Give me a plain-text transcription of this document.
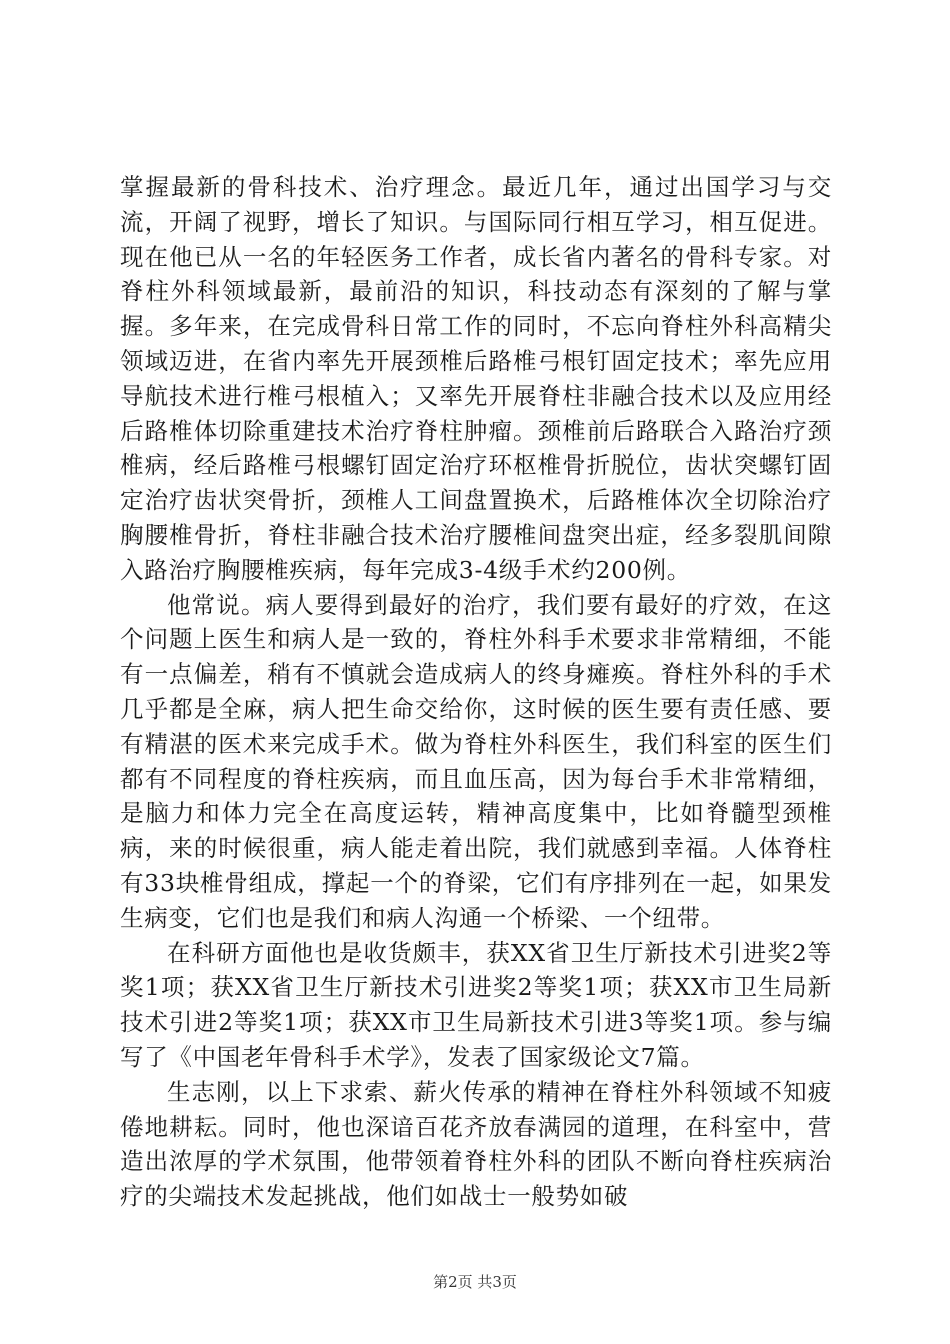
掌握最新的骨科技术、治疗理念。最近几年，通过出国学习与交流，开阔了视野，增长了知识。与国际同行相互学习，相互促进。现在他已从一名的年轻医务工作者，成长省内著名的骨科专家。对脊柱外科领域最新，最前沿的知识，科技动态有深刻的了解与掌握。多年来，在完成骨科日常工作的同时，不忘向脊柱外科高精尖领域迈进，在省内率先开展颈椎后路椎弓根钉固定技术；率先应用导航技术进行椎弓根植入；又率先开展脊柱非融合技术以及应用经后路椎体切除重建技术治疗脊柱肿瘤。颈椎前后路联合入路治疗颈椎病，经后路椎弓根螺钉固定治疗环枢椎骨折脱位，齿状突螺钉固定治疗齿状突骨折，颈椎人工间盘置换术，后路椎体次全切除治疗胸腰椎骨折，脊柱非融合技术治疗腰椎间盘突出症，经多裂肌间隙入路治疗胸腰椎疾病，每年完成3-4级手术约200例。

他常说。病人要得到最好的治疗，我们要有最好的疗效，在这个问题上医生和病人是一致的，脊柱外科手术要求非常精细，不能有一点偏差，稍有不慎就会造成病人的终身瘫痪。脊柱外科的手术几乎都是全麻，病人把生命交给你，这时候的医生要有责任感、要有精湛的医术来完成手术。做为脊柱外科医生，我们科室的医生们都有不同程度的脊柱疾病，而且血压高，因为每台手术非常精细，是脑力和体力完全在高度运转，精神高度集中，比如脊髓型颈椎病，来的时候很重，病人能走着出院，我们就感到幸福。人体脊柱有33块椎骨组成，撑起一个的脊梁，它们有序排列在一起，如果发生病变，它们也是我们和病人沟通一个桥梁、一个纽带。

在科研方面他也是收货颇丰，获XX省卫生厅新技术引进奖2等奖1项；获XX省卫生厅新技术引进奖2等奖1项；获XX市卫生局新技术引进2等奖1项；获XX市卫生局新技术引进3等奖1项。参与编写了《中国老年骨科手术学》，发表了国家级论文7篇。

生志刚，以上下求索、薪火传承的精神在脊柱外科领域不知疲倦地耕耘。同时，他也深谙百花齐放春满园的道理，在科室中，营造出浓厚的学术氛围，他带领着脊柱外科的团队不断向脊柱疾病治疗的尖端技术发起挑战，他们如战士一般势如破

第2页 共3页
